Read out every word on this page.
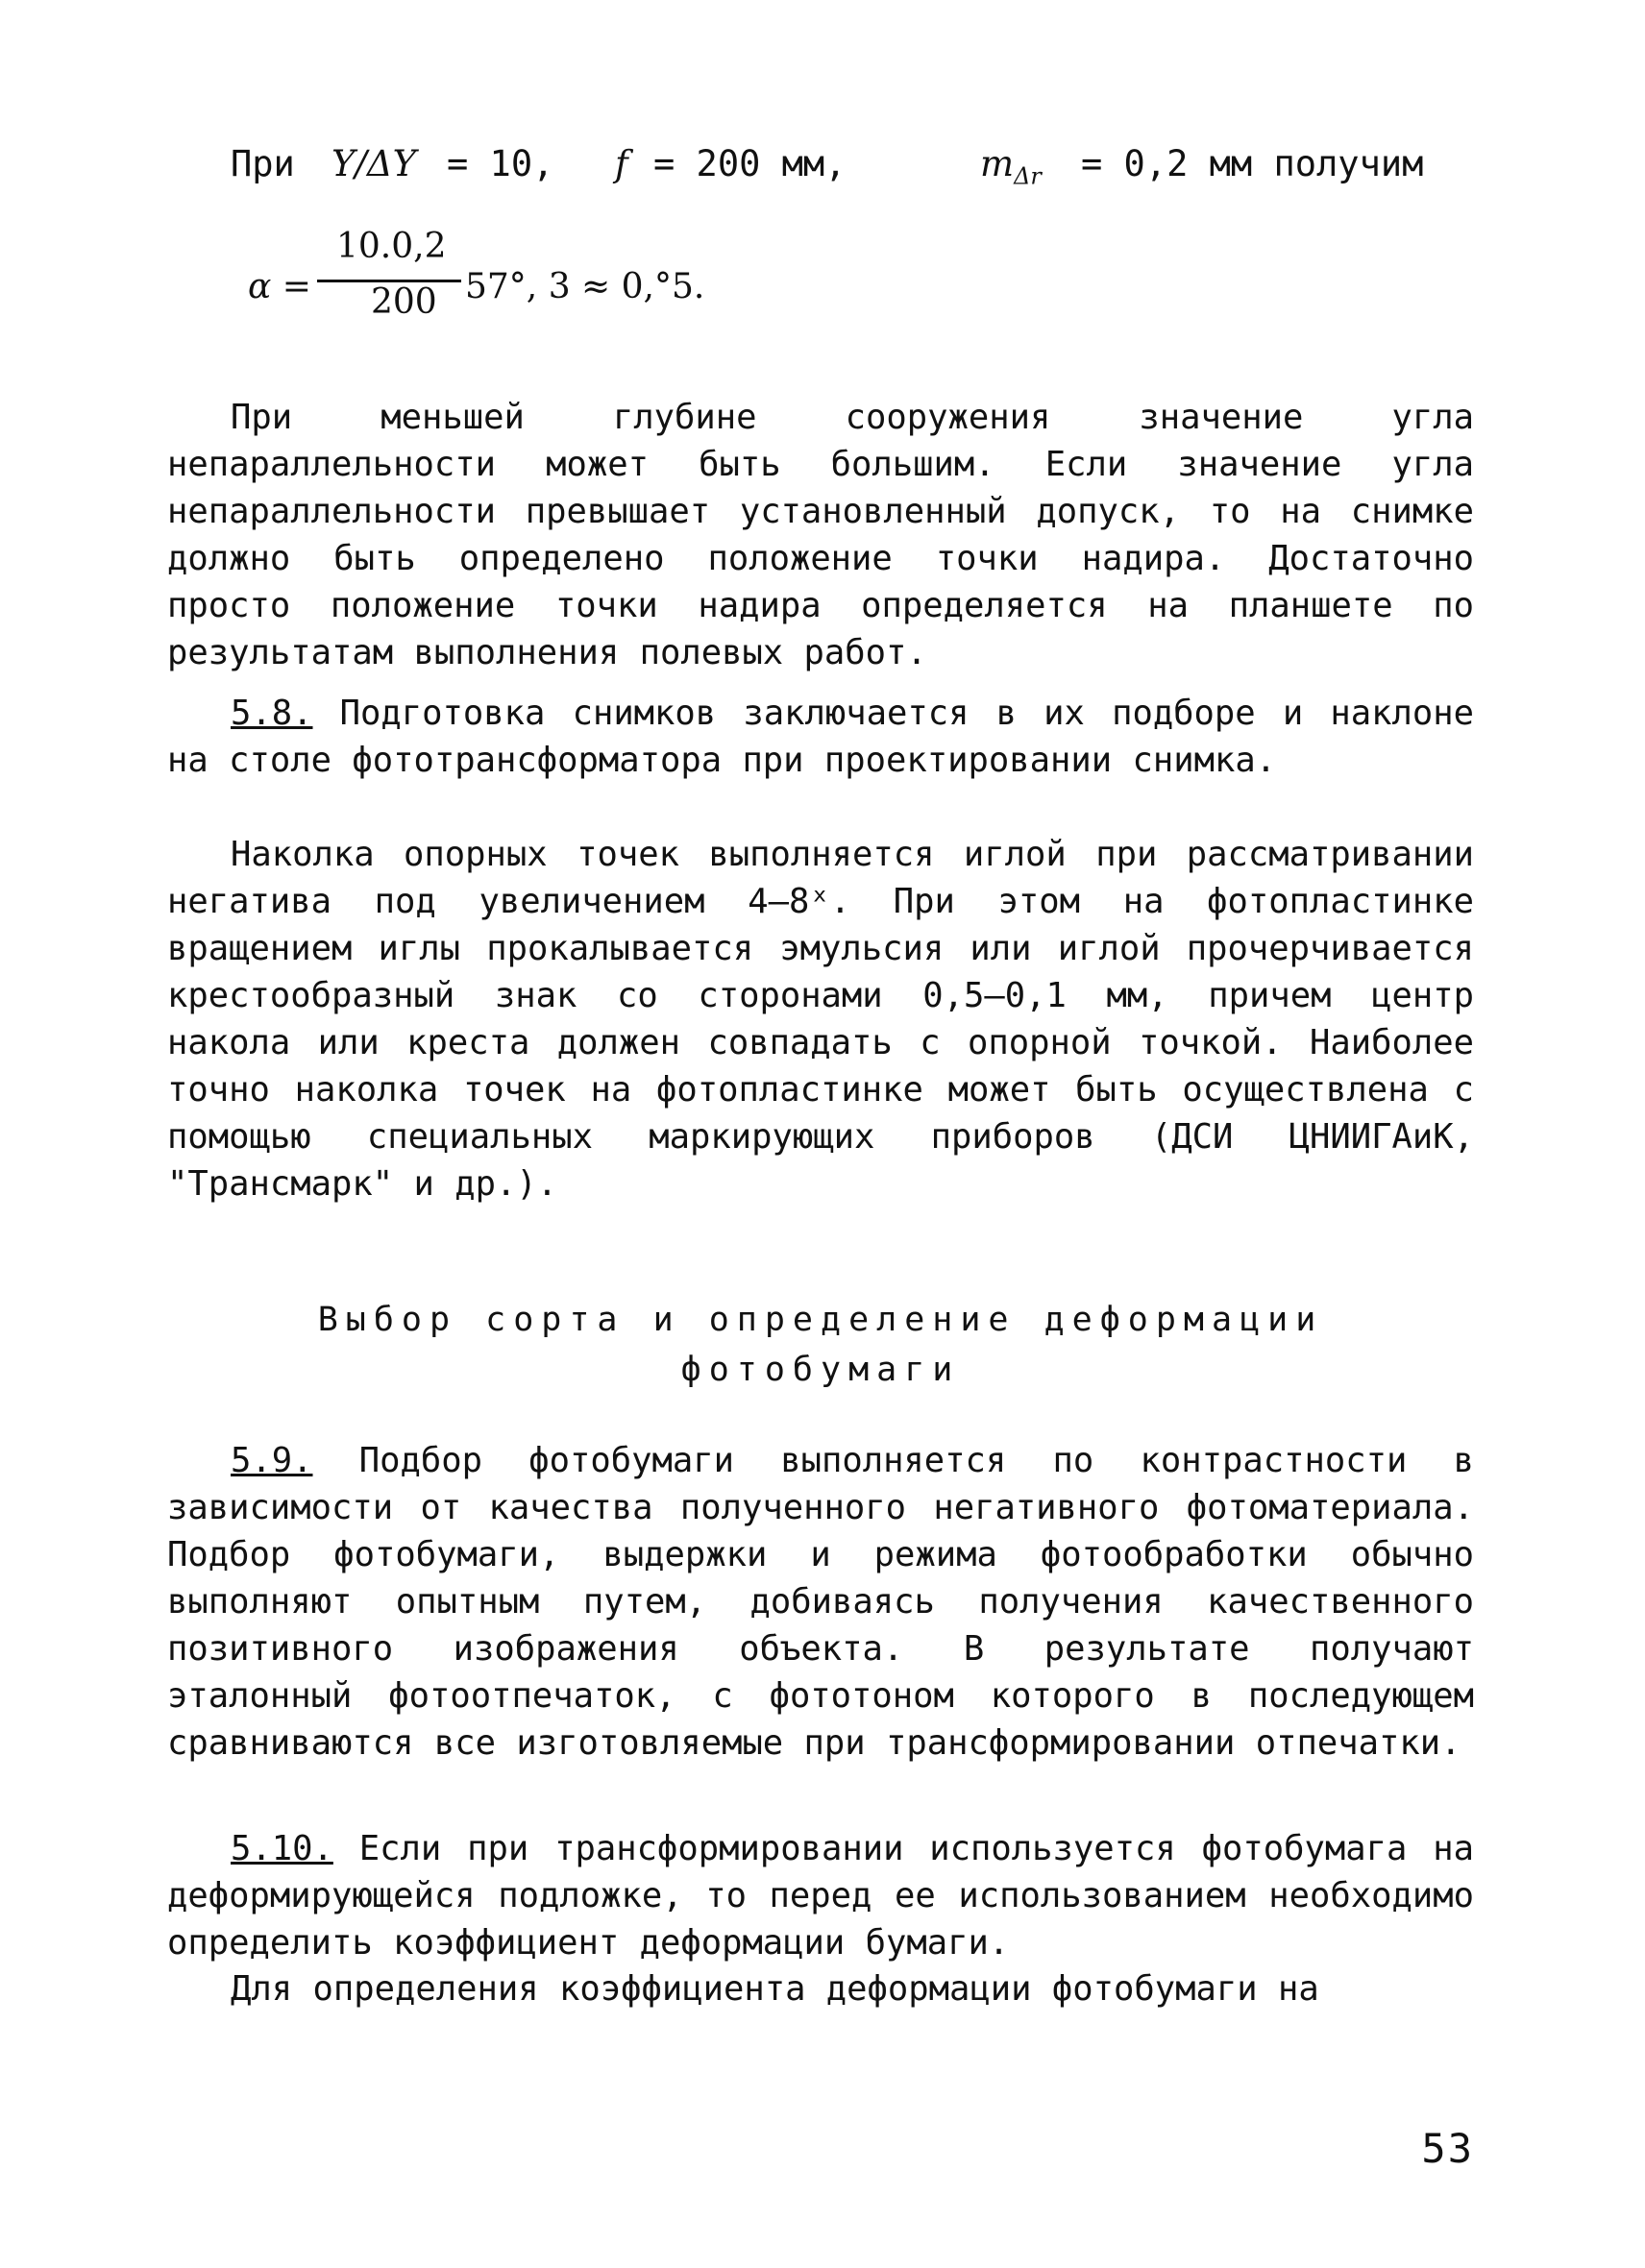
При Y/ΔY = 10, f = 200 мм,	$m_{\Delta r} = 0,2$ мм получим
α =
10.0,2
200 57°, 3 ≈ 0,°5.

При меньшей глубине сооружения значение угла непараллельности может быть большим. Если значение угла непараллельности превышает установленный допуск, то на снимке должно быть определено положение точки надира. Достаточно просто положение точки надира определяется на планшете по результатам выполнения полевых работ.

5.8. Подготовка снимков заключается в их подборе и наклоне на столе фототрансформатора при проектировании снимка.

Наколка опорных точек выполняется иглой при рассматривании негатива под увеличением 4–8ˣ. При этом на фотопластинке вращением иглы прокалывается эмульсия или иглой прочерчивается крестообразный знак со сторонами 0,5–0,1 мм, причем центр накола или креста должен совпадать с опорной точкой. Наиболее точно наколка точек на фотопластинке может быть осуществлена с помощью специальных маркирующих приборов (ДСИ ЦНИИГАиК, "Трансмарк" и др.).

Выбор сорта и определение деформации
фотобумаги

5.9. Подбор фотобумаги выполняется по контрастности в зависимости от качества полученного негативного фотоматериала. Подбор фотобумаги, выдержки и режима фотообработки обычно выполняют опытным путем, добиваясь получения качественного позитивного изображения объекта. В результате получают эталонный фотоотпечаток, с фототоном которого в последующем сравниваются все изготовляемые при трансформировании отпечатки.

5.10. Если при трансформировании используется фотобумага на деформирующейся подложке, то перед ее использованием необходимо определить коэффициент деформации бумаги.

Для определения коэффициента деформации фотобумаги на

53
